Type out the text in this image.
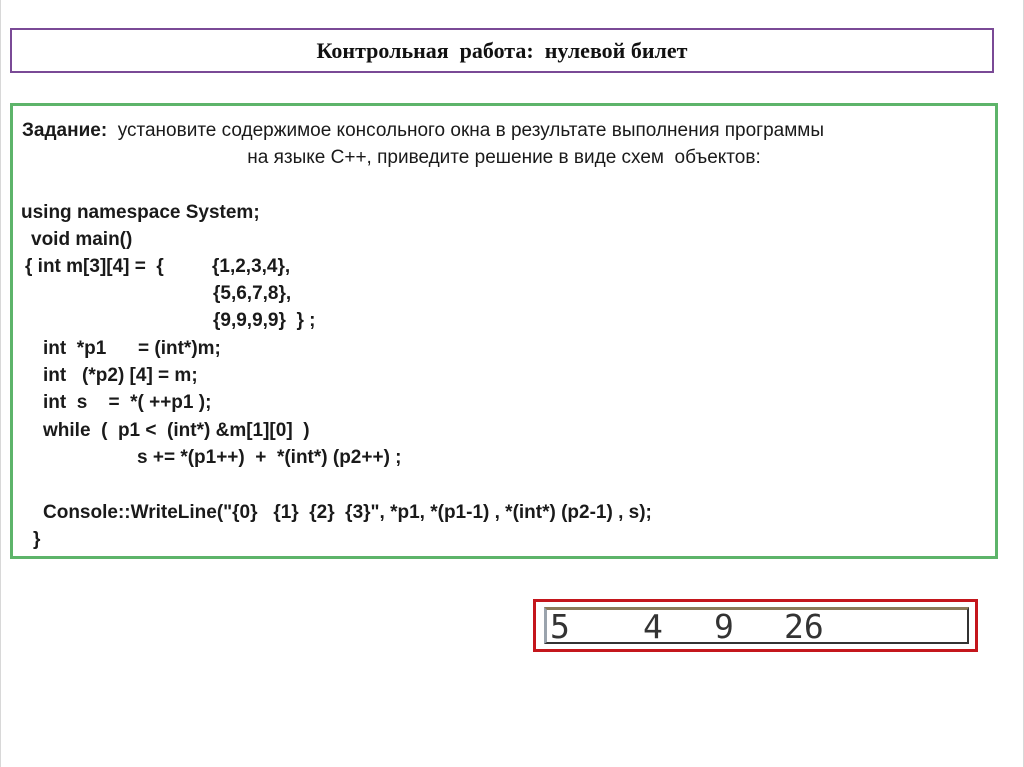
Контрольная  работа:  нулевой билет
Задание:  установите содержимое консольного окна в результате выполнения программы
на языке С++, приведите решение в виде схем  объектов:
using namespace System;
void main()
{ int m[3][4] =  {	{1,2,3,4},
{5,6,7,8},
{9,9,9,9}  } ;
int  *p1      = (int*)m;
int   (*p2) [4] = m;
int  s    =  *( ++p1 );
while  (  p1 <  (int*) &m[1][0]  )
s += *(p1++)  +  *(int*) (p2++) ;
Console::WriteLine("{0}   {1}  {2}  {3}", *p1, *(p1-1) , *(int*) (p2-1) , s);
}
5 4 9 26
